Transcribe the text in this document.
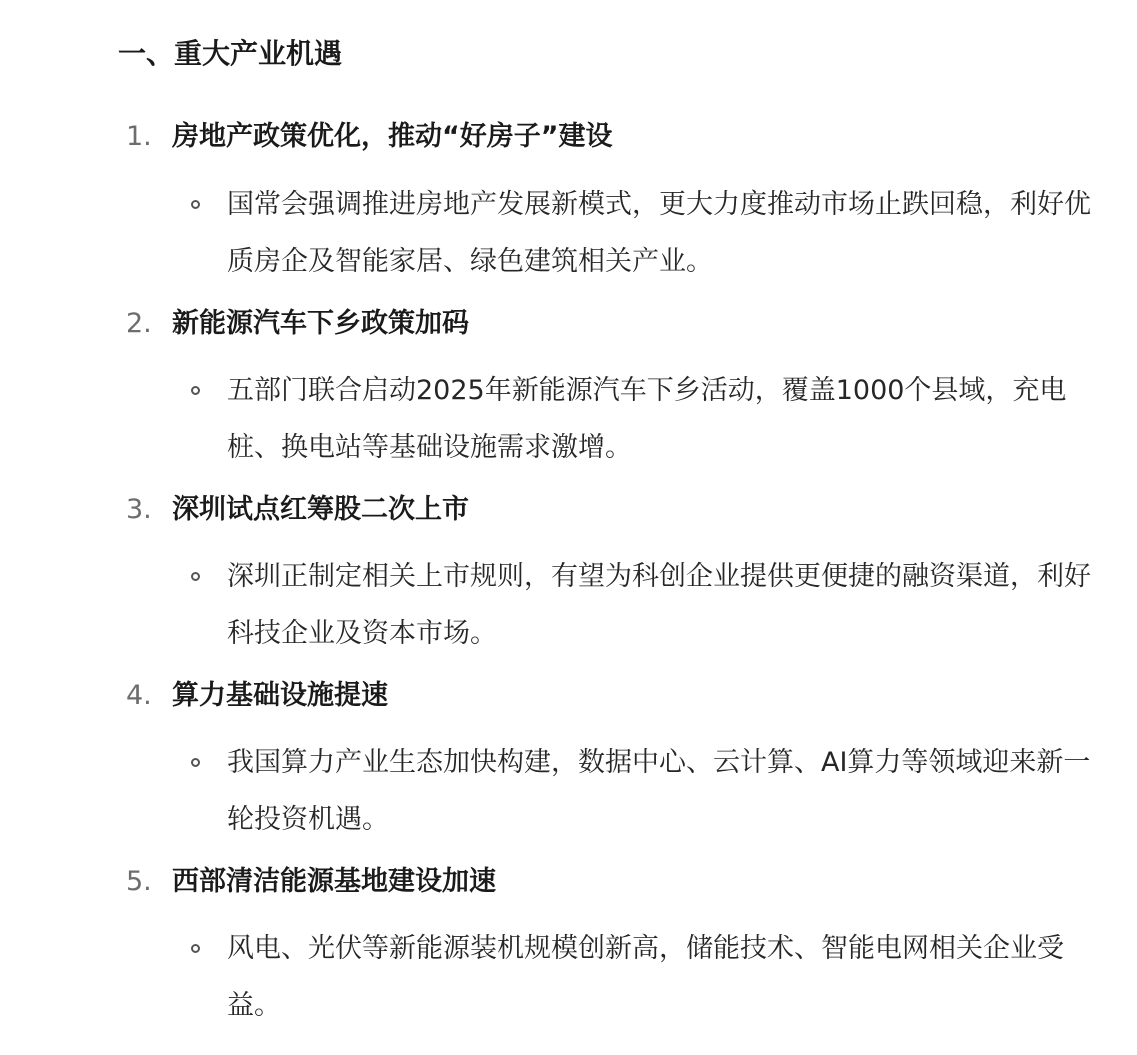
一、重大产业机遇
1. 房地产政策优化，推动“好房子”建设

国常会强调推进房地产发展新模式，更大力度推动市场止跌回稳，利好优质房企及智能家居、绿色建筑相关产业。

2. 新能源汽车下乡政策加码

五部门联合启动2025年新能源汽车下乡活动，覆盖1000个县域，充电桩、换电站等基础设施需求激增。

3. 深圳试点红筹股二次上市

深圳正制定相关上市规则，有望为科创企业提供更便捷的融资渠道，利好科技企业及资本市场。

4. 算力基础设施提速

我国算力产业生态加快构建，数据中心、云计算、AI算力等领域迎来新一轮投资机遇。

5. 西部清洁能源基地建设加速

风电、光伏等新能源装机规模创新高，储能技术、智能电网相关企业受益。
